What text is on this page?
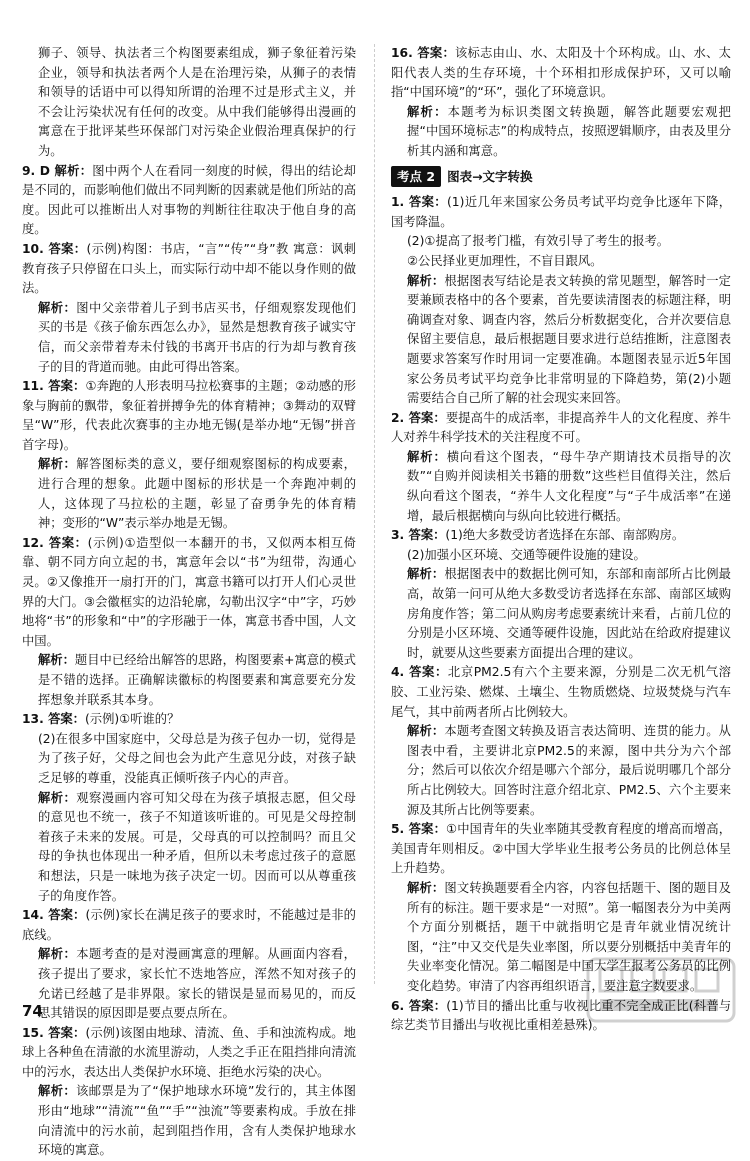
狮子、领导、执法者三个构图要素组成，狮子象征着污染企业，领导和执法者两个人是在治理污染，从狮子的表情和领导的话语中可以得知所谓的治理不过是形式主义，并不会让污染状况有任何的改变。从中我们能够得出漫画的寓意在于批评某些环保部门对污染企业假治理真保护的行为。

9. D 解析：图中两个人在看同一刻度的时候，得出的结论却是不同的，而影响他们做出不同判断的因素就是他们所站的高度。因此可以推断出人对事物的判断往往取决于他自身的高度。

10. 答案：(示例)构图：书店，“言”“传”“身”教 寓意：讽刺教育孩子只停留在口头上，而实际行动中却不能以身作则的做法。

解析：图中父亲带着儿子到书店买书，仔细观察发现他们买的书是《孩子偷东西怎么办》，显然是想教育孩子诚实守信，而父亲带着寿未付钱的书离开书店的行为却与教育孩子的目的背道而驰。由此可得出答案。

11. 答案：①奔跑的人形表明马拉松赛事的主题；②动感的形象与胸前的飘带，象征着拼搏争先的体育精神；③舞动的双臂呈“W”形，代表此次赛事的主办地无锡(是举办地“无锡”拼音首字母)。

解析：解答图标类的意义，要仔细观察图标的构成要素，进行合理的想象。此题中图标的形状是一个奔跑冲刺的人，这体现了马拉松的主题，彰显了奋勇争先的体育精神；变形的“W”表示举办地是无锡。

12. 答案：(示例)①造型似一本翻开的书，又似两本相互倚靠、朝不同方向立起的书，寓意年会以“书”为纽带，沟通心灵。②又像推开一扇打开的门，寓意书籍可以打开人们心灵世界的大门。③会徽框实的边沿轮廓，勾勒出汉字“中”字，巧妙地将“书”的形象和“中”的字形融于一体，寓意书香中国，人文中国。

解析：题目中已经给出解答的思路，构图要素+寓意的模式是不错的选择。正确解读徽标的构图要素和寓意要充分发挥想象并联系其本身。

13. 答案：(示例)①听谁的？

(2)在很多中国家庭中，父母总是为孩子包办一切，觉得是为了孩子好，父母之间也会为此产生意见分歧，对孩子缺乏足够的尊重，没能真正倾听孩子内心的声音。

解析：观察漫画内容可知父母在为孩子填报志愿，但父母的意见也不统一，孩子不知道该听谁的。可见是父母控制着孩子未来的发展。可是，父母真的可以控制吗？而且父母的争执也体现出一种矛盾，但所以未考虑过孩子的意愿和想法，只是一味地为孩子决定一切。因而可以从尊重孩子的角度作答。

14. 答案：(示例)家长在满足孩子的要求时，不能越过是非的底线。

解析：本题考查的是对漫画寓意的理解。从画面内容看，孩子提出了要求，家长忙不迭地答应，浑然不知对孩子的允诺已经越了是非界限。家长的错误是显而易见的，而反思其错误的原因即是要点要点所在。

15. 答案：(示例)该图由地球、清流、鱼、手和浊流构成。地球上各种鱼在清澈的水流里游动，人类之手正在阻挡排向清流中的污水，表达出人类保护水环境、拒绝水污染的决心。

解析：该邮票是为了“保护地球水环境”发行的，其主体图形由“地球”“清流”“鱼”“手”“浊流”等要素构成。手放在排向清流中的污水前，起到阻挡作用，含有人类保护地球水环境的寓意。

16. 答案：该标志由山、水、太阳及十个环构成。山、水、太阳代表人类的生存环境，十个环相扣形成保护环，又可以喻指“中国环境”的“环”，强化了环境意识。

解析：本题考为标识类图文转换题，解答此题要宏观把握“中国环境标志”的构成特点，按照逻辑顺序，由表及里分析其内涵和寓意。

考点 2 图表→文字转换

1. 答案：(1)近几年来国家公务员考试平均竞争比逐年下降，国考降温。

(2)①提高了报考门槛，有效引导了考生的报考。

②公民择业更加理性，不盲目跟风。

解析：根据图表写结论是表文转换的常见题型，解答时一定要兼顾表格中的各个要素，首先要读清图表的标题注释，明确调查对象、调查内容，然后分析数据变化，合并次要信息保留主要信息，最后根据题目要求进行总结推断，注意图表题要求答案写作时用词一定要准确。本题图表显示近5年国家公务员考试平均竞争比非常明显的下降趋势，第(2)小题需要结合自己所了解的社会现实来回答。

2. 答案：要提高牛的成活率，非提高养牛人的文化程度、养牛人对养牛科学技术的关注程度不可。

解析：横向看这个图表，“母牛孕产期请技术员指导的次数”“自购并阅读相关书籍的册数”这些栏目值得关注，然后纵向看这个图表，“养牛人文化程度”与“子牛成活率”在递增，最后根据横向与纵向比较进行概括。

3. 答案：(1)绝大多数受访者选择在东部、南部购房。

(2)加强小区环境、交通等硬件设施的建设。

解析：根据图表中的数据比例可知，东部和南部所占比例最高，故第一问可从绝大多数受访者选择在东部、南部区域购房角度作答；第二问从购房考虑要素统计来看，占前几位的分别是小区环境、交通等硬件设施，因此站在给政府提建议时，就要从这些要素方面提出合理的建议。

4. 答案：北京PM2.5有六个主要来源，分别是二次无机气溶胶、工业污染、燃煤、土壤尘、生物质燃烧、垃圾焚烧与汽车尾气，其中前两者所占比例较大。

解析：本题考查图文转换及语言表达简明、连贯的能力。从图表中看，主要讲北京PM2.5的来源，图中共分为六个部分；然后可以依次介绍是哪六个部分，最后说明哪几个部分所占比例较大。回答时注意介绍北京、PM2.5、六个主要来源及其所占比例等要素。

5. 答案：①中国青年的失业率随其受教育程度的增高而增高，美国青年则相反。②中国大学毕业生报考公务员的比例总体呈上升趋势。

解析：图文转换题要看全内容，内容包括题干、图的题目及所有的标注。题干要求是“一对照”。第一幅图表分为中美两个方面分别概括，题干中就指明它是青年就业情况统计图，“注”中又交代是失业率图，所以要分别概括中美青年的失业率变化情况。第二幅图是中国大学生报考公务员的比例变化趋势。审清了内容再组织语言，要注意字数要求。

6. 答案：(1)节目的播出比重与收视比重不完全成正比(科普与综艺类节目播出与收视比重相差悬殊)。

74
